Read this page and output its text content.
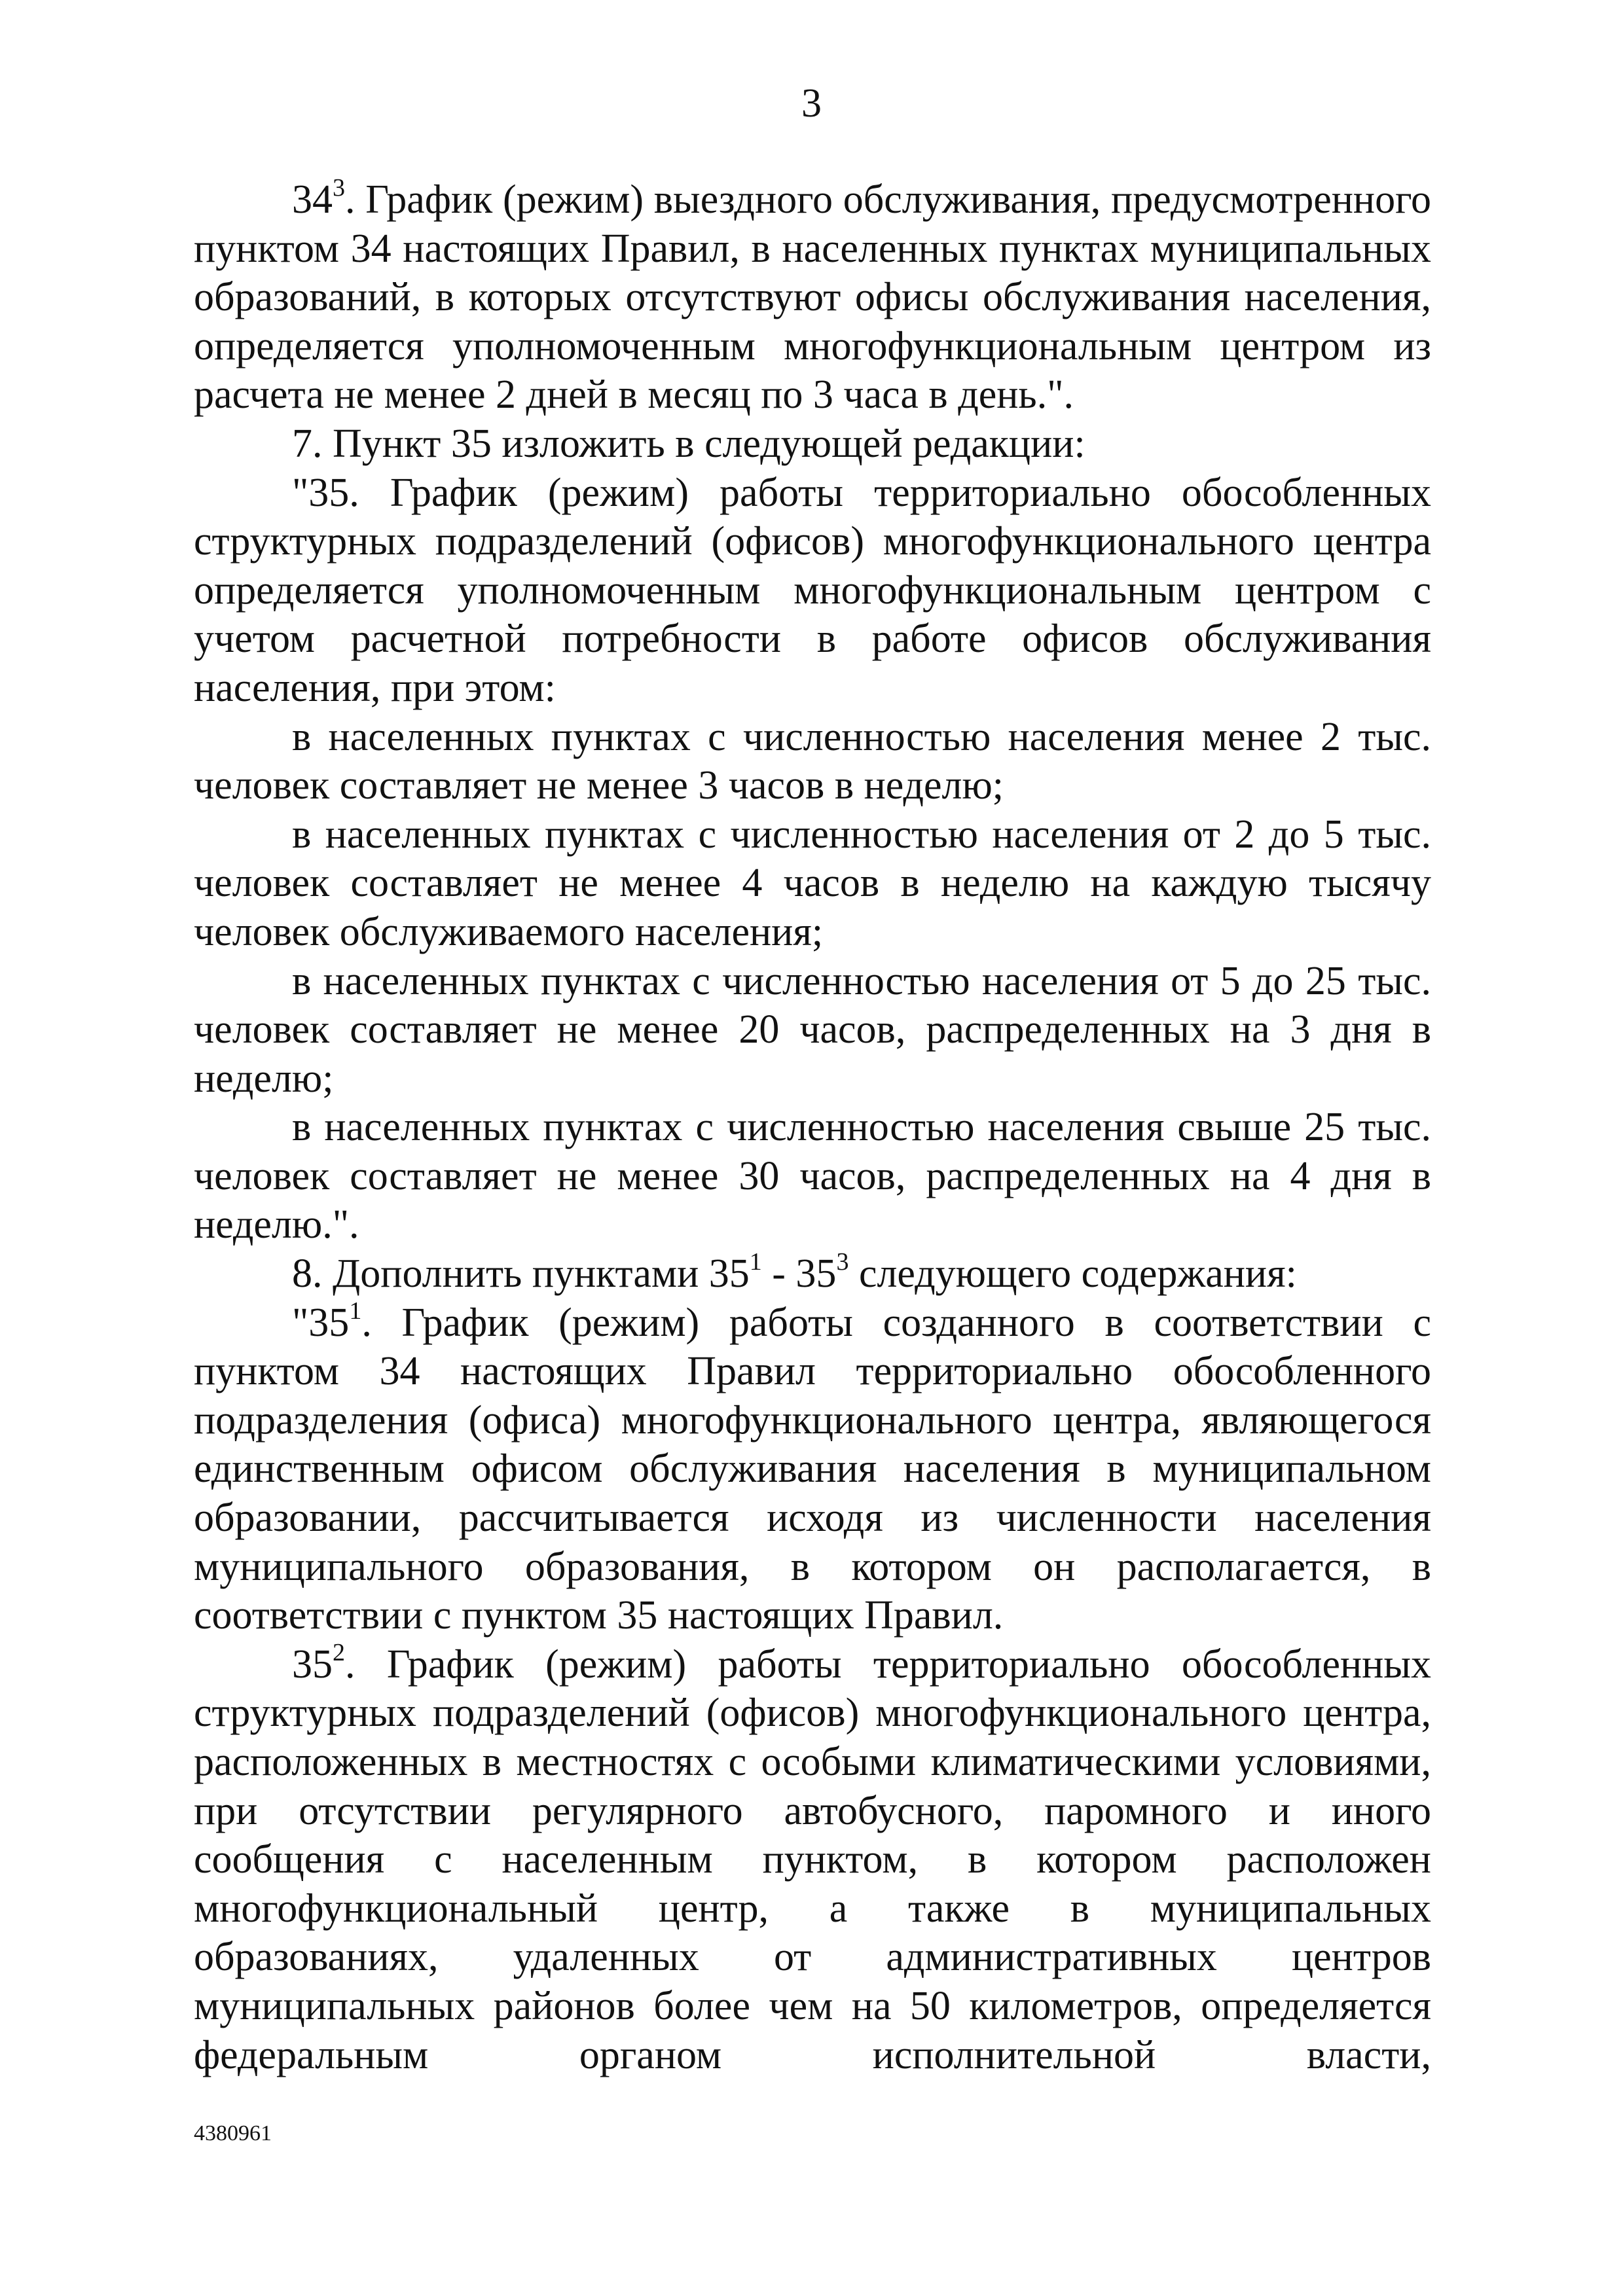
3

$34^3$. График (режим) выездного обслуживания, предусмотренного пунктом 34 настоящих Правил, в населенных пунктах муниципальных образований, в которых отсутствуют офисы обслуживания населения, определяется уполномоченным многофункциональным центром из расчета не менее 2 дней в месяц по 3 часа в день.".

7. Пункт 35 изложить в следующей редакции:

"35. График (режим) работы территориально обособленных структурных подразделений (офисов) многофункционального центра определяется уполномоченным многофункциональным центром с учетом расчетной потребности в работе офисов обслуживания населения, при этом:

в населенных пунктах с численностью населения менее 2 тыс. человек составляет не менее 3 часов в неделю;

в населенных пунктах с численностью населения от 2 до 5 тыс. человек составляет не менее 4 часов в неделю на каждую тысячу человек обслуживаемого населения;

в населенных пунктах с численностью населения от 5 до 25 тыс. человек составляет не менее 20 часов, распределенных на 3 дня в неделю;

в населенных пунктах с численностью населения свыше 25 тыс. человек составляет не менее 30 часов, распределенных на 4 дня в неделю.".

8. Дополнить пунктами $35^1 - 35^3$ следующего содержания:

"$35^1$. График (режим) работы созданного в соответствии с пунктом 34 настоящих Правил территориально обособленного подразделения (офиса) многофункционального центра, являющегося единственным офисом обслуживания населения в муниципальном образовании, рассчитывается исходя из численности населения муниципального образования, в котором он располагается, в соответствии с пунктом 35 настоящих Правил.

$35^2$. График (режим) работы территориально обособленных структурных подразделений (офисов) многофункционального центра, расположенных в местностях с особыми климатическими условиями, при отсутствии регулярного автобусного, паромного и иного сообщения с населенным пунктом, в котором расположен многофункциональный центр, а также в муниципальных образованиях, удаленных от административных центров муниципальных районов более чем на 50 километров, определяется федеральным органом исполнительной власти,

4380961
